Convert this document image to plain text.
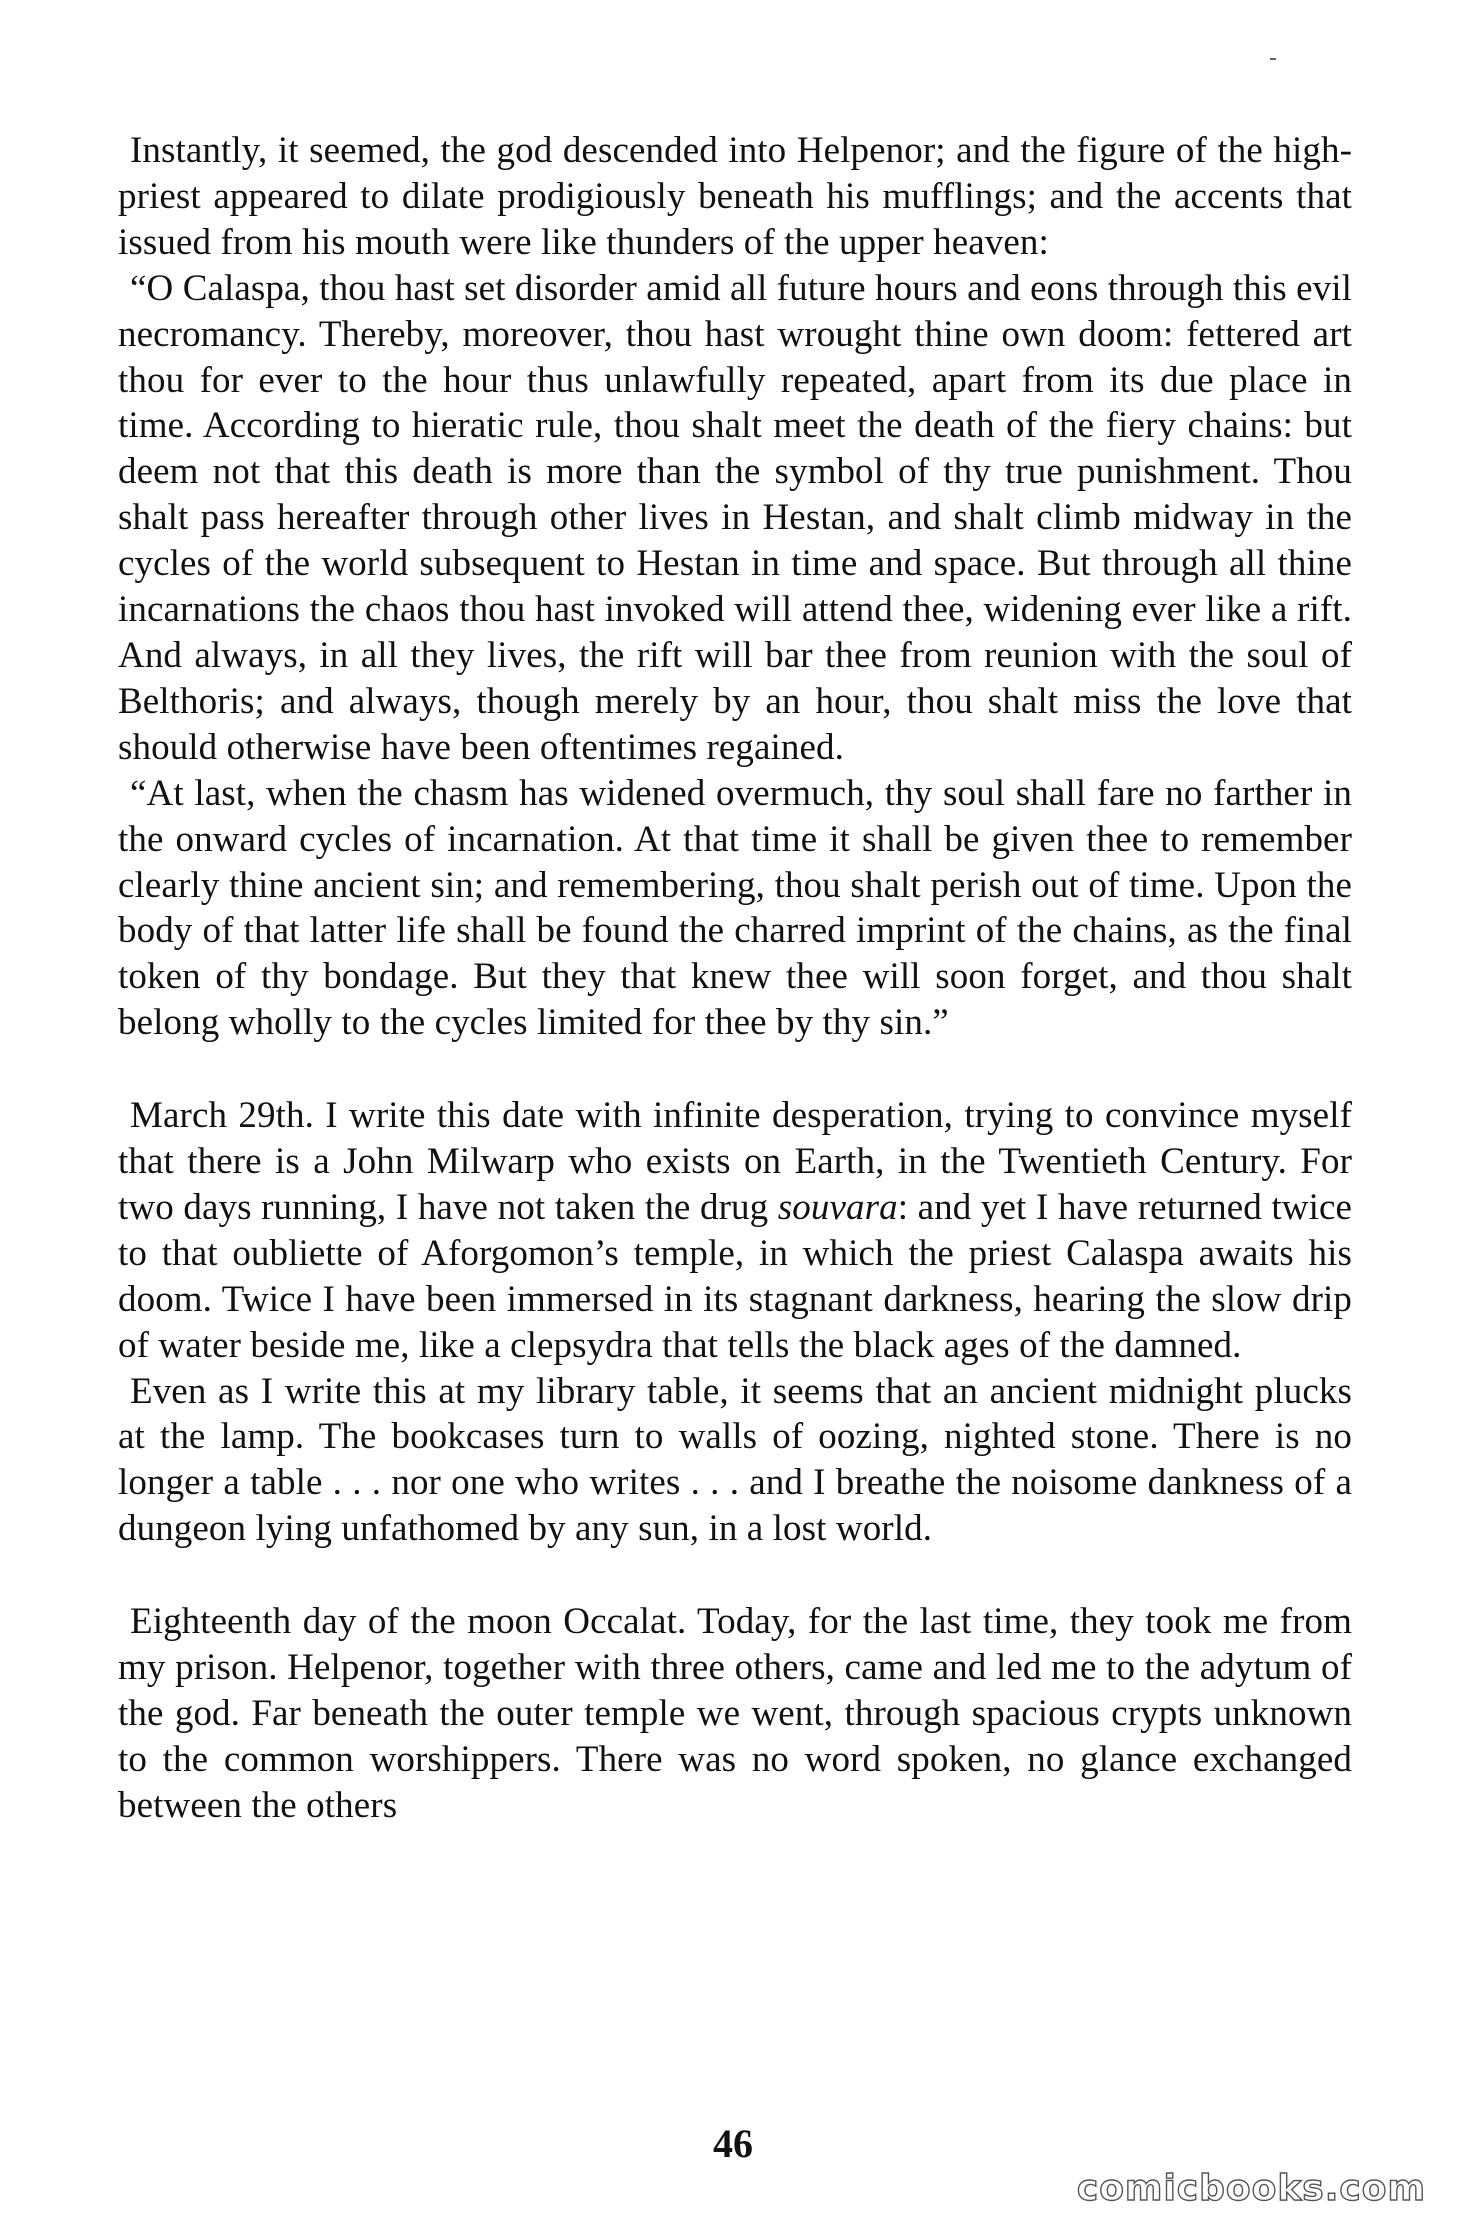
Instantly, it seemed, the god descended into Helpenor; and the figure of the high-priest appeared to dilate prodigiously beneath his mufflings; and the accents that issued from his mouth were like thunders of the upper heaven:

“O Calaspa, thou hast set disorder amid all future hours and eons through this evil necromancy. Thereby, moreover, thou hast wrought thine own doom: fettered art thou for ever to the hour thus unlawfully repeated, apart from its due place in time. According to hieratic rule, thou shalt meet the death of the fiery chains: but deem not that this death is more than the symbol of thy true punishment. Thou shalt pass hereafter through other lives in Hestan, and shalt climb midway in the cycles of the world subsequent to Hestan in time and space. But through all thine incarnations the chaos thou hast invoked will attend thee, widening ever like a rift. And always, in all they lives, the rift will bar thee from reunion with the soul of Belthoris; and always, though merely by an hour, thou shalt miss the love that should otherwise have been oftentimes regained.

“At last, when the chasm has widened overmuch, thy soul shall fare no farther in the onward cycles of incarnation. At that time it shall be given thee to remember clearly thine ancient sin; and remembering, thou shalt perish out of time. Upon the body of that latter life shall be found the charred imprint of the chains, as the final token of thy bondage. But they that knew thee will soon forget, and thou shalt belong wholly to the cycles limited for thee by thy sin.”

March 29th. I write this date with infinite desperation, trying to convince myself that there is a John Milwarp who exists on Earth, in the Twentieth Century. For two days running, I have not taken the drug souvara: and yet I have returned twice to that oubliette of Aforgomon’s temple, in which the priest Calaspa awaits his doom. Twice I have been immersed in its stagnant darkness, hearing the slow drip of water beside me, like a clepsydra that tells the black ages of the damned.

Even as I write this at my library table, it seems that an ancient midnight plucks at the lamp. The bookcases turn to walls of oozing, nighted stone. There is no longer a table . . . nor one who writes . . . and I breathe the noisome dankness of a dungeon lying unfathomed by any sun, in a lost world.

Eighteenth day of the moon Occalat. Today, for the last time, they took me from my prison. Helpenor, together with three others, came and led me to the adytum of the god. Far beneath the outer temple we went, through spacious crypts unknown to the common worshippers. There was no word spoken, no glance exchanged between the others

46
comicbooks.com
